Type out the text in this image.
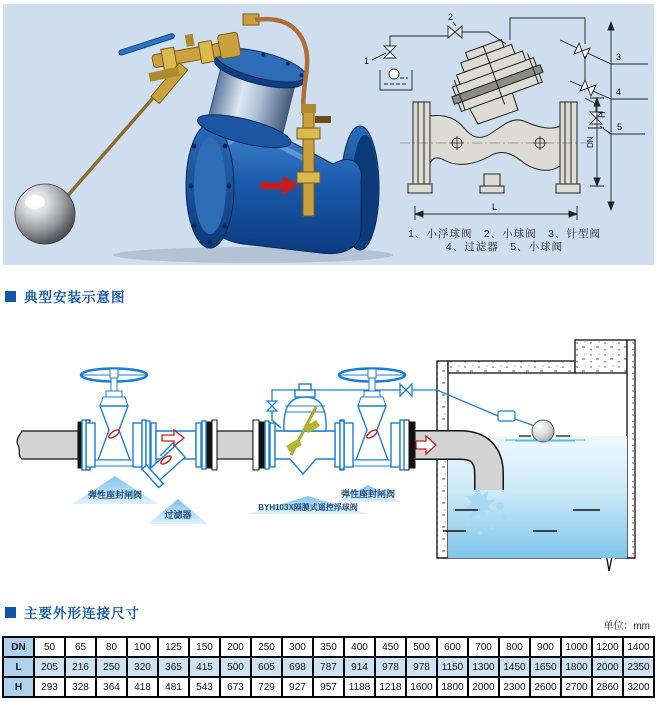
1
2
3
4
5
L
H
DN
1、小浮球阀　2、小球阀　3、针型阀
4、过滤器　5、小球阀
典型安装示意图
弹性座封闸阀
过滤器
BYH103X隔膜式遥控浮球阀
弹性座封闸阀
主要外形连接尺寸
单位：mm
DN	50	65	80	100	125	150	200	250	300	350	400	450	500	600	700	800	900	1000	1200	1400
L	205	216	250	320	365	415	500	605	698	787	914	978	978	1150	1300	1450	1650	1800	2000	2350
H	293	328	364	418	481	543	673	729	927	957	1188	1218	1600	1800	2000	2300	2600	2700	2860	3200
